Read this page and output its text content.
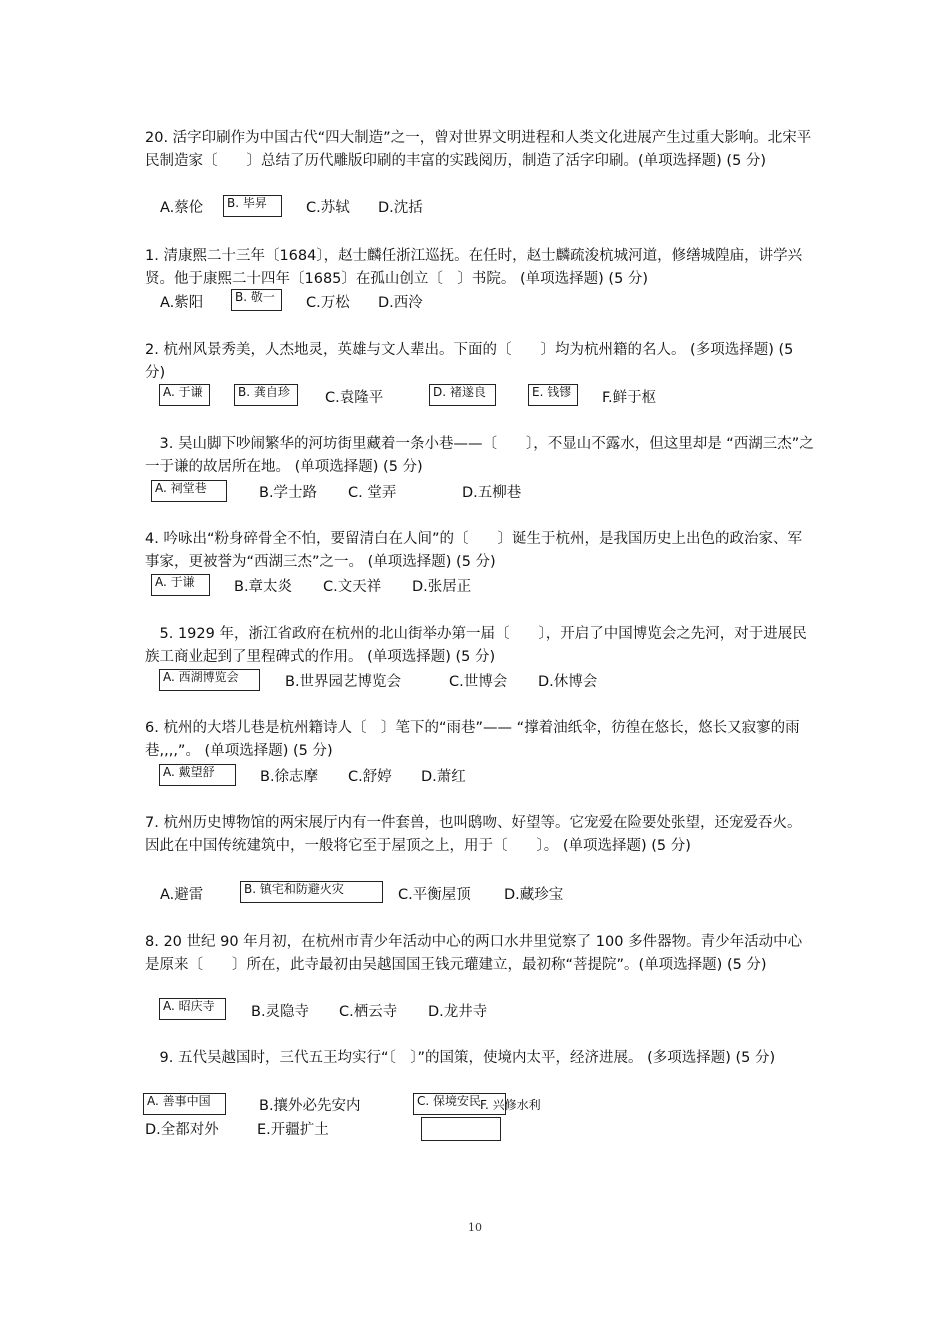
20. 活字印刷作为中国古代“四大制造”之一，曾对世界文明进程和人类文化进展产生过重大影响。北宋平民制造家〔　　〕总结了历代雕版印刷的丰富的实践阅历，制造了活字印刷。(单项选择题) (5 分)
A.蔡伦	B. 毕昇	C.苏轼 D.沈括
1. 清康熙二十三年〔1684〕，赵士麟任浙江巡抚。在任时，赵士麟疏浚杭城河道，修缮城隍庙，讲学兴贤。他于康熙二十四年〔1685〕在孤山创立〔　〕书院。 (单项选择题) (5 分)
A.紫阳	B. 敬一	C.万松 D.西泠
2. 杭州风景秀美，人杰地灵，英雄与文人辈出。下面的〔　　〕均为杭州籍的名人。 (多项选择题) (5 分)
A. 于谦	B. 龚自珍	C.袁隆平	D. 褚遂良	E. 钱镠	F.鲜于枢
　3. 吴山脚下吵闹繁华的河坊街里藏着一条小巷——〔　　〕，不显山不露水，但这里却是 “西湖三杰”之一于谦的故居所在地。 (单项选择题) (5 分)
A. 祠堂巷	B.学士路 C. 堂弄	D.五柳巷
4. 吟咏出“粉身碎骨全不怕，要留清白在人间”的〔　　〕诞生于杭州，是我国历史上出色的政治家、军事家，更被誉为“西湖三杰”之一。 (单项选择题) (5 分)
A. 于谦	B.章太炎 C.文天祥 D.张居正
　5. 1929 年，浙江省政府在杭州的北山街举办第一届〔　　〕，开启了中国博览会之先河，对于进展民族工商业起到了里程碑式的作用。 (单项选择题) (5 分)
A. 西湖博览会	B.世界园艺博览会	C.世博会 D.休博会
6. 杭州的大塔儿巷是杭州籍诗人〔　〕笔下的“雨巷”—— “撑着油纸伞，彷徨在悠长，悠长又寂寥的雨巷,,,,”。 (单项选择题) (5 分)
A. 戴望舒	B.徐志摩 C.舒婷 D.萧红
7. 杭州历史博物馆的两宋展厅内有一件套兽，也叫鸱吻、好望等。它宠爱在险要处张望，还宠爱吞火。因此在中国传统建筑中，一般将它至于屋顶之上，用于〔　　〕。 (单项选择题) (5 分)
A.避雷	B. 镇宅和防避火灾	C.平衡屋顶 D.藏珍宝
8. 20 世纪 90 年月初，在杭州市青少年活动中心的两口水井里觉察了 100 多件器物。青少年活动中心是原来〔　　〕所在，此寺最初由吴越国国王钱元瓘建立，最初称“菩提院”。(单项选择题) (5 分)
A. 昭庆寺	B.灵隐寺 C.栖云寺 D.龙井寺
　9. 五代吴越国时，三代五王均实行“〔　〕”的国策，使境内太平，经济进展。 (多项选择题) (5 分)
A. 善事中国	B.攘外必先安内	C. 保境安民
F. 兴修水利
D.全都对外	E.开疆扩土
10
